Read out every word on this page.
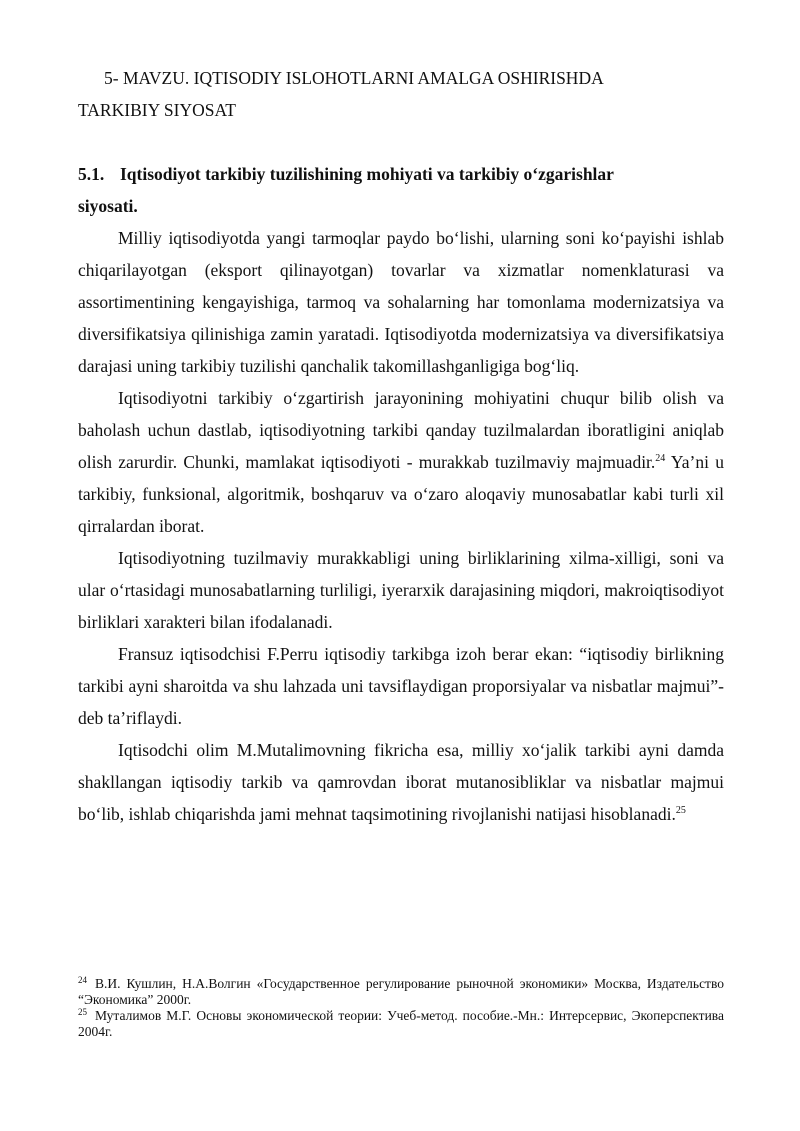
5- MAVZU. IQTISODIY ISLOHOTLARNI AMALGA OSHIRISHDA
TARKIBIY SIYOSAT
5.1. Iqtisodiyot tarkibiy tuzilishining mohiyati va tarkibiy o‘zgarishlar
siyosati.

Milliy iqtisodiyotda yangi tarmoqlar paydo bo‘lishi, ularning soni ko‘payishi ishlab chiqarilayotgan (eksport qilinayotgan) tovarlar va xizmatlar nomenklaturasi va assortimentining kengayishiga, tarmoq va sohalarning har tomonlama modernizatsiya va diversifikatsiya qilinishiga zamin yaratadi. Iqtisodiyotda modernizatsiya va diversifikatsiya darajasi uning tarkibiy tuzilishi qanchalik takomillashganligiga bog‘liq.

Iqtisodiyotni tarkibiy o‘zgartirish jarayonining mohiyatini chuqur bilib olish va baholash uchun dastlab, iqtisodiyotning tarkibi qanday tuzilmalardan iboratligini aniqlab olish zarurdir. Chunki, mamlakat iqtisodiyoti - murakkab tuzilmaviy majmuadir.$^{24}$ Ya’ni u tarkibiy, funksional, algoritmik, boshqaruv va o‘zaro aloqaviy munosabatlar kabi turli xil qirralardan iborat.

Iqtisodiyotning tuzilmaviy murakkabligi uning birliklarining xilma-xilligi, soni va ular o‘rtasidagi munosabatlarning turliligi, iyerarxik darajasining miqdori, makroiqtisodiyot birliklari xarakteri bilan ifodalanadi.

Fransuz iqtisodchisi F.Perru iqtisodiy tarkibga izoh berar ekan: “iqtisodiy birlikning tarkibi ayni sharoitda va shu lahzada uni tavsiflaydigan proporsiyalar va nisbatlar majmui”- deb ta’riflaydi.

Iqtisodchi olim M.Mutalimovning fikricha esa, milliy xo‘jalik tarkibi ayni damda shakllangan iqtisodiy tarkib va qamrovdan iborat mutanosibliklar va nisbatlar majmui bo‘lib, ishlab chiqarishda jami mehnat taqsimotining rivojlanishi natijasi hisoblanadi.$^{25}$

$^{24}$ В.И. Кушлин, Н.А.Волгин «Государственное регулирование рыночной экономики» Москва, Издательство “Экономика” 2000г.

$^{25}$ Муталимов М.Г. Основы экономической теории: Учеб-метод. пособие.-Мн.: Интерсервис, Экоперспектива 2004г.
